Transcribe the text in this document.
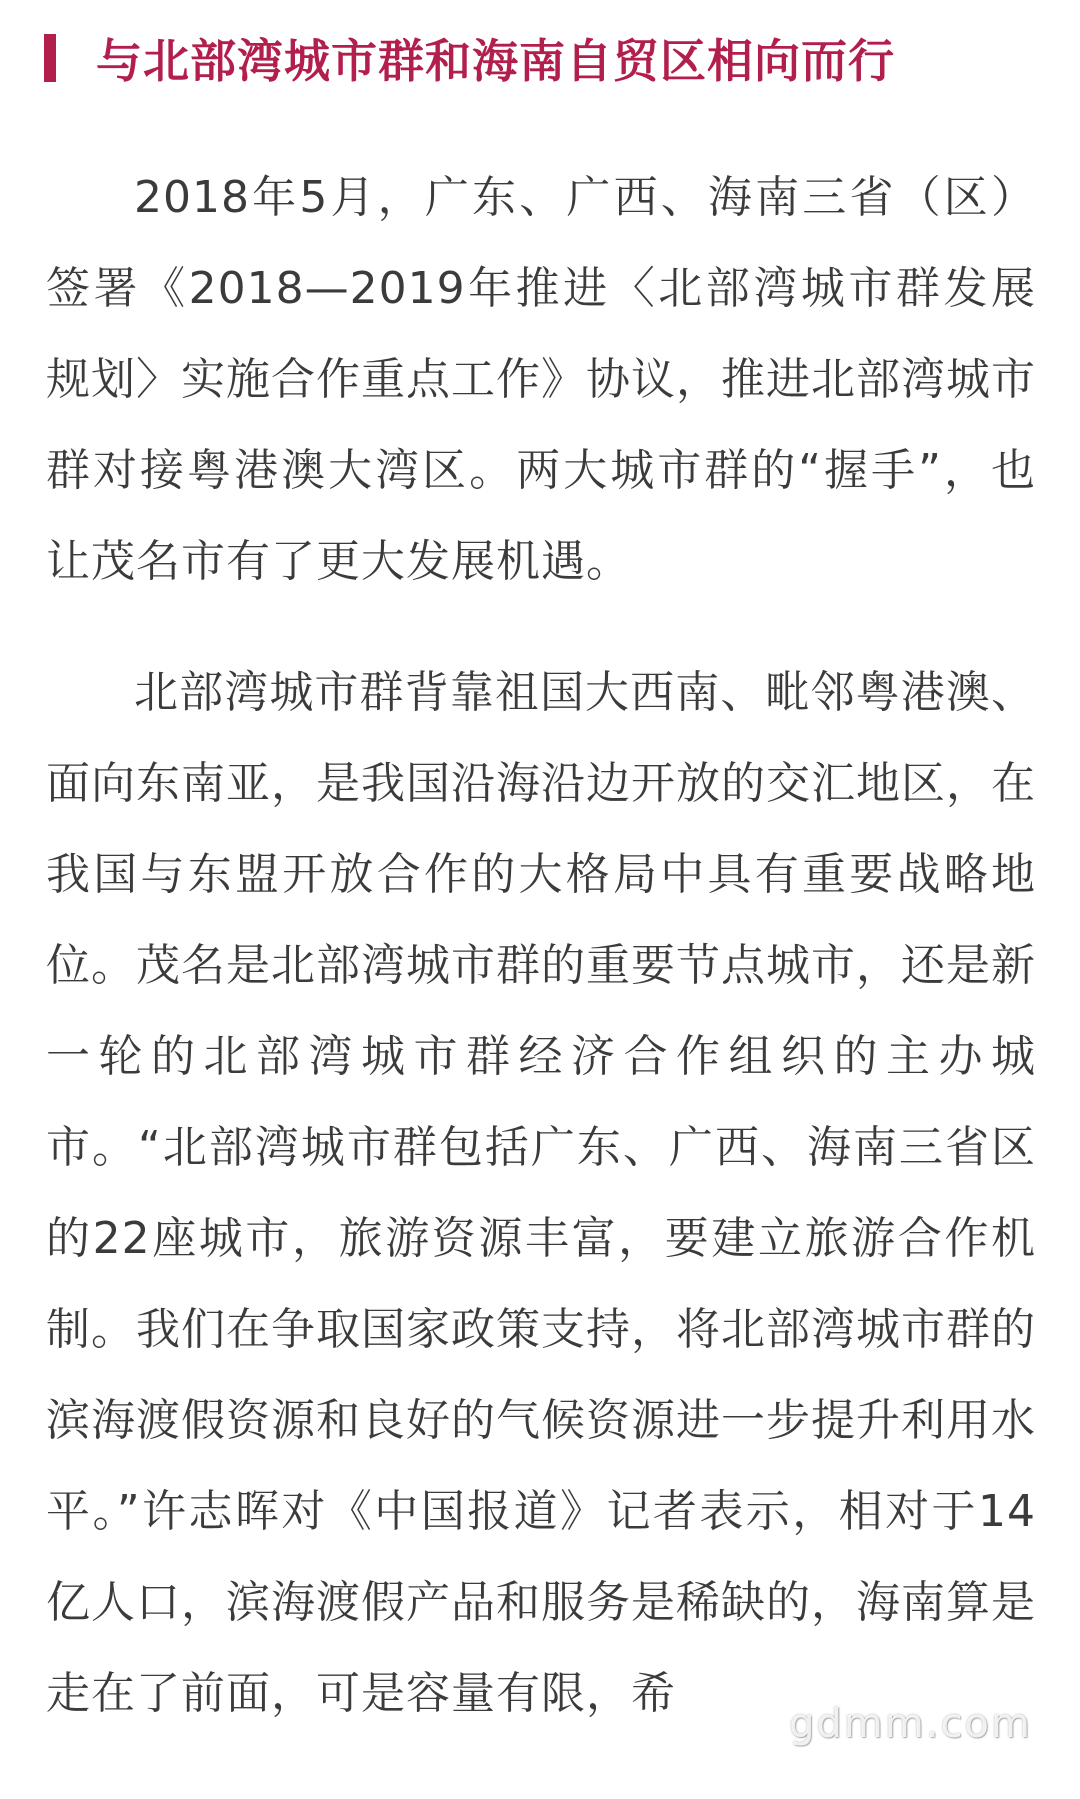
与北部湾城市群和海南自贸区相向而行

2018年5月，广东、广西、海南三省（区）签署《2018—2019年推进〈北部湾城市群发展规划〉实施合作重点工作》协议，推进北部湾城市群对接粤港澳大湾区。两大城市群的“握手”，也让茂名市有了更大发展机遇。

北部湾城市群背靠祖国大西南、毗邻粤港澳、面向东南亚，是我国沿海沿边开放的交汇地区，在我国与东盟开放合作的大格局中具有重要战略地位。茂名是北部湾城市群的重要节点城市，还是新一轮的北部湾城市群经济合作组织的主办城市。“北部湾城市群包括广东、广西、海南三省区的22座城市，旅游资源丰富，要建立旅游合作机制。我们在争取国家政策支持，将北部湾城市群的滨海渡假资源和良好的气候资源进一步提升利用水平。”许志晖对《中国报道》记者表示，相对于14亿人口，滨海渡假产品和服务是稀缺的，海南算是走在了前面，可是容量有限，希

gdmm.com
